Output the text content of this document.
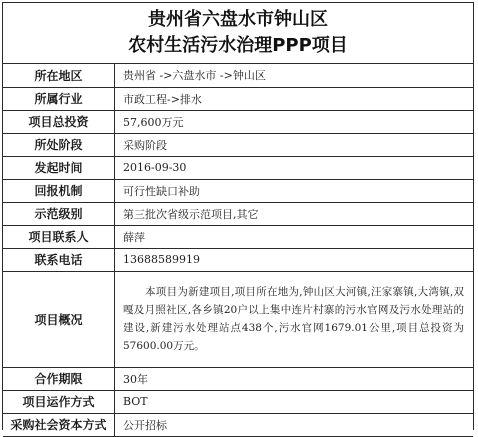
贵州省六盘水市钟山区
农村生活污水治理PPP项目
所在地区	贵州省 ->六盘水市 ->钟山区
所属行业	市政工程->排水
项目总投资	57,600万元
所处阶段	采购阶段
发起时间	2016-09-30
回报机制	可行性缺口补助
示范级别	第三批次省级示范项目,其它
项目联系人	薛萍
联系电话	13688589919
项目概况	本项目为新建项目,项目所在地为,钟山区大河镇,汪家寨镇,大湾镇,双嘎及月照社区,各乡镇20户以上集中连片村寨的污水官网及污水处理站的建设,新建污水处理站点438个,污水官网1679.01公里,项目总投资为57600.00万元。
合作期限	30年
项目运作方式	BOT
采购社会资本方式	公开招标
